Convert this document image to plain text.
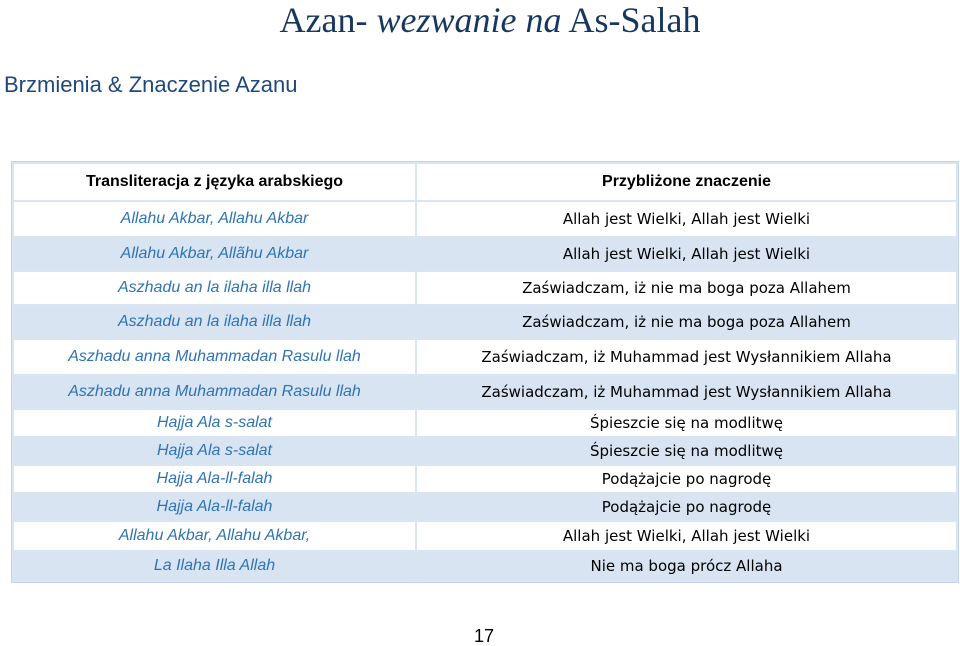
Azan- wezwanie na As-Salah
Brzmienia & Znaczenie Azanu
Transliteracja z języka arabskiego	Przybliżone znaczenie
Allahu Akbar, Allahu Akbar	Allah jest Wielki, Allah jest Wielki
Allahu Akbar, Allãhu Akbar	Allah jest Wielki, Allah jest Wielki
Aszhadu an la ilaha illa llah	Zaświadczam, iż nie ma boga poza Allahem
Aszhadu an la ilaha illa llah	Zaświadczam, iż nie ma boga poza Allahem
Aszhadu anna Muhammadan Rasulu llah	Zaświadczam, iż Muhammad jest Wysłannikiem Allaha
Aszhadu anna Muhammadan Rasulu llah	Zaświadczam, iż Muhammad jest Wysłannikiem Allaha
Hajja Ala s-salat	Śpieszcie się na modlitwę
Hajja Ala s-salat	Śpieszcie się na modlitwę
Hajja Ala-ll-falah	Podążajcie po nagrodę
Hajja Ala-ll-falah	Podążajcie po nagrodę
Allahu Akbar, Allahu Akbar,	Allah jest Wielki, Allah jest Wielki
La Ilaha Illa Allah	Nie ma boga prócz Allaha
17
